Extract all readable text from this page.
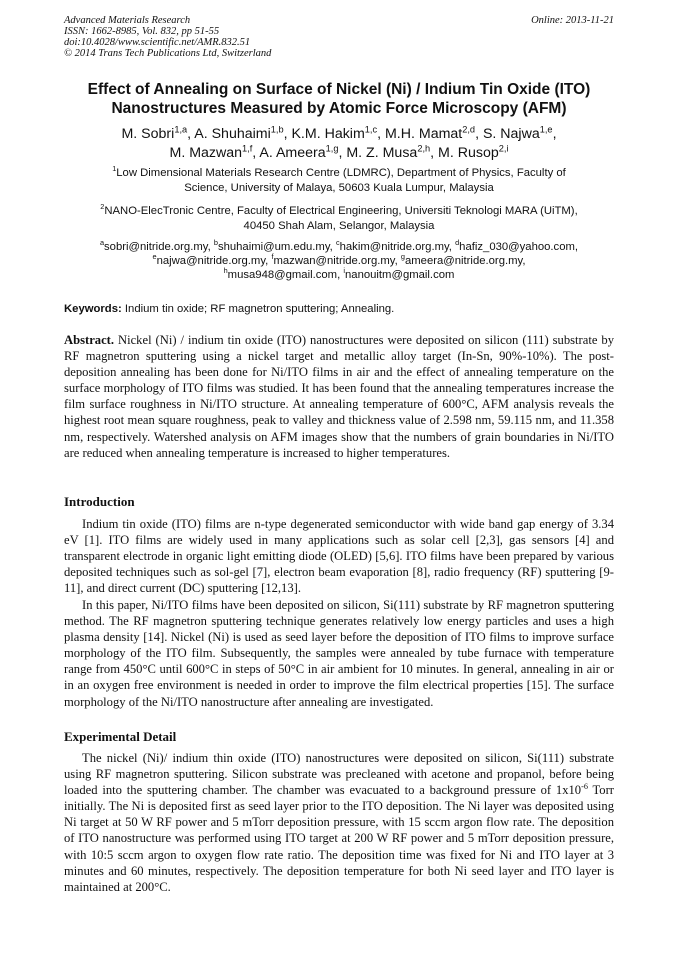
Advanced Materials Research
ISSN: 1662-8985, Vol. 832, pp 51-55
doi:10.4028/www.scientific.net/AMR.832.51
© 2014 Trans Tech Publications Ltd, Switzerland
Online: 2013-11-21
Effect of Annealing on Surface of Nickel (Ni) / Indium Tin Oxide (ITO)
Nanostructures Measured by Atomic Force Microscopy (AFM)
M. Sobri$^{1,a}$, A. Shuhaimi$^{1,b}$, K.M. Hakim$^{1,c}$, M.H. Mamat$^{2,d}$, S. Najwa$^{1,e}$,
M. Mazwan$^{1,f}$, A. Ameera$^{1,g}$, M. Z. Musa$^{2,h}$, M. Rusop$^{2,i}$
$^1$Low Dimensional Materials Research Centre (LDMRC), Department of Physics, Faculty of
Science, University of Malaya, 50603 Kuala Lumpur, Malaysia
$^2$NANO-ElecTronic Centre, Faculty of Electrical Engineering, Universiti Teknologi MARA (UiTM),
40450 Shah Alam, Selangor, Malaysia
$^a$sobri@nitride.org.my, $^b$shuhaimi@um.edu.my, $^c$hakim@nitride.org.my, $^d$hafiz_030@yahoo.com,
$^e$najwa@nitride.org.my, $^f$mazwan@nitride.org.my, $^g$ameera@nitride.org.my,
$^h$musa948@gmail.com, $^i$nanouitm@gmail.com
Keywords: Indium tin oxide; RF magnetron sputtering; Annealing.
Abstract. Nickel (Ni) / indium tin oxide (ITO) nanostructures were deposited on silicon (111) substrate by RF magnetron sputtering using a nickel target and metallic alloy target (In-Sn, 90%-10%). The post-deposition annealing has been done for Ni/ITO films in air and the effect of annealing temperature on the surface morphology of ITO films was studied. It has been found that the annealing temperatures increase the film surface roughness in Ni/ITO structure. At annealing temperature of 600°C, AFM analysis reveals the highest root mean square roughness, peak to valley and thickness value of 2.598 nm, 59.115 nm, and 11.358 nm, respectively. Watershed analysis on AFM images show that the numbers of grain boundaries in Ni/ITO are reduced when annealing temperature is increased to higher temperatures.
Introduction
Indium tin oxide (ITO) films are n-type degenerated semiconductor with wide band gap energy of 3.34 eV [1]. ITO films are widely used in many applications such as solar cell [2,3], gas sensors [4] and transparent electrode in organic light emitting diode (OLED) [5,6]. ITO films have been prepared by various deposited techniques such as sol-gel [7], electron beam evaporation [8], radio frequency (RF) sputtering [9-11], and direct current (DC) sputtering [12,13].
In this paper, Ni/ITO films have been deposited on silicon, Si(111) substrate by RF magnetron sputtering method. The RF magnetron sputtering technique generates relatively low energy particles and uses a high plasma density [14]. Nickel (Ni) is used as seed layer before the deposition of ITO films to improve surface morphology of the ITO film. Subsequently, the samples were annealed by tube furnace with temperature range from 450°C until 600°C in steps of 50°C in air ambient for 10 minutes. In general, annealing in air or in an oxygen free environment is needed in order to improve the film electrical properties [15]. The surface morphology of the Ni/ITO nanostructure after annealing are investigated.
Experimental Detail
The nickel (Ni)/ indium thin oxide (ITO) nanostructures were deposited on silicon, Si(111) substrate using RF magnetron sputtering. Silicon substrate was precleaned with acetone and propanol, before being loaded into the sputtering chamber. The chamber was evacuated to a background pressure of $1x10^{-6}$ Torr initially. The Ni is deposited first as seed layer prior to the ITO deposition. The Ni layer was deposited using Ni target at 50 W RF power and 5 mTorr deposition pressure, with 15 sccm argon flow rate. The deposition of ITO nanostructure was performed using ITO target at 200 W RF power and 5 mTorr deposition pressure, with 10:5 sccm argon to oxygen flow rate ratio. The deposition time was fixed for Ni and ITO layer at 3 minutes and 60 minutes, respectively. The deposition temperature for both Ni seed layer and ITO layer is maintained at 200°C.
